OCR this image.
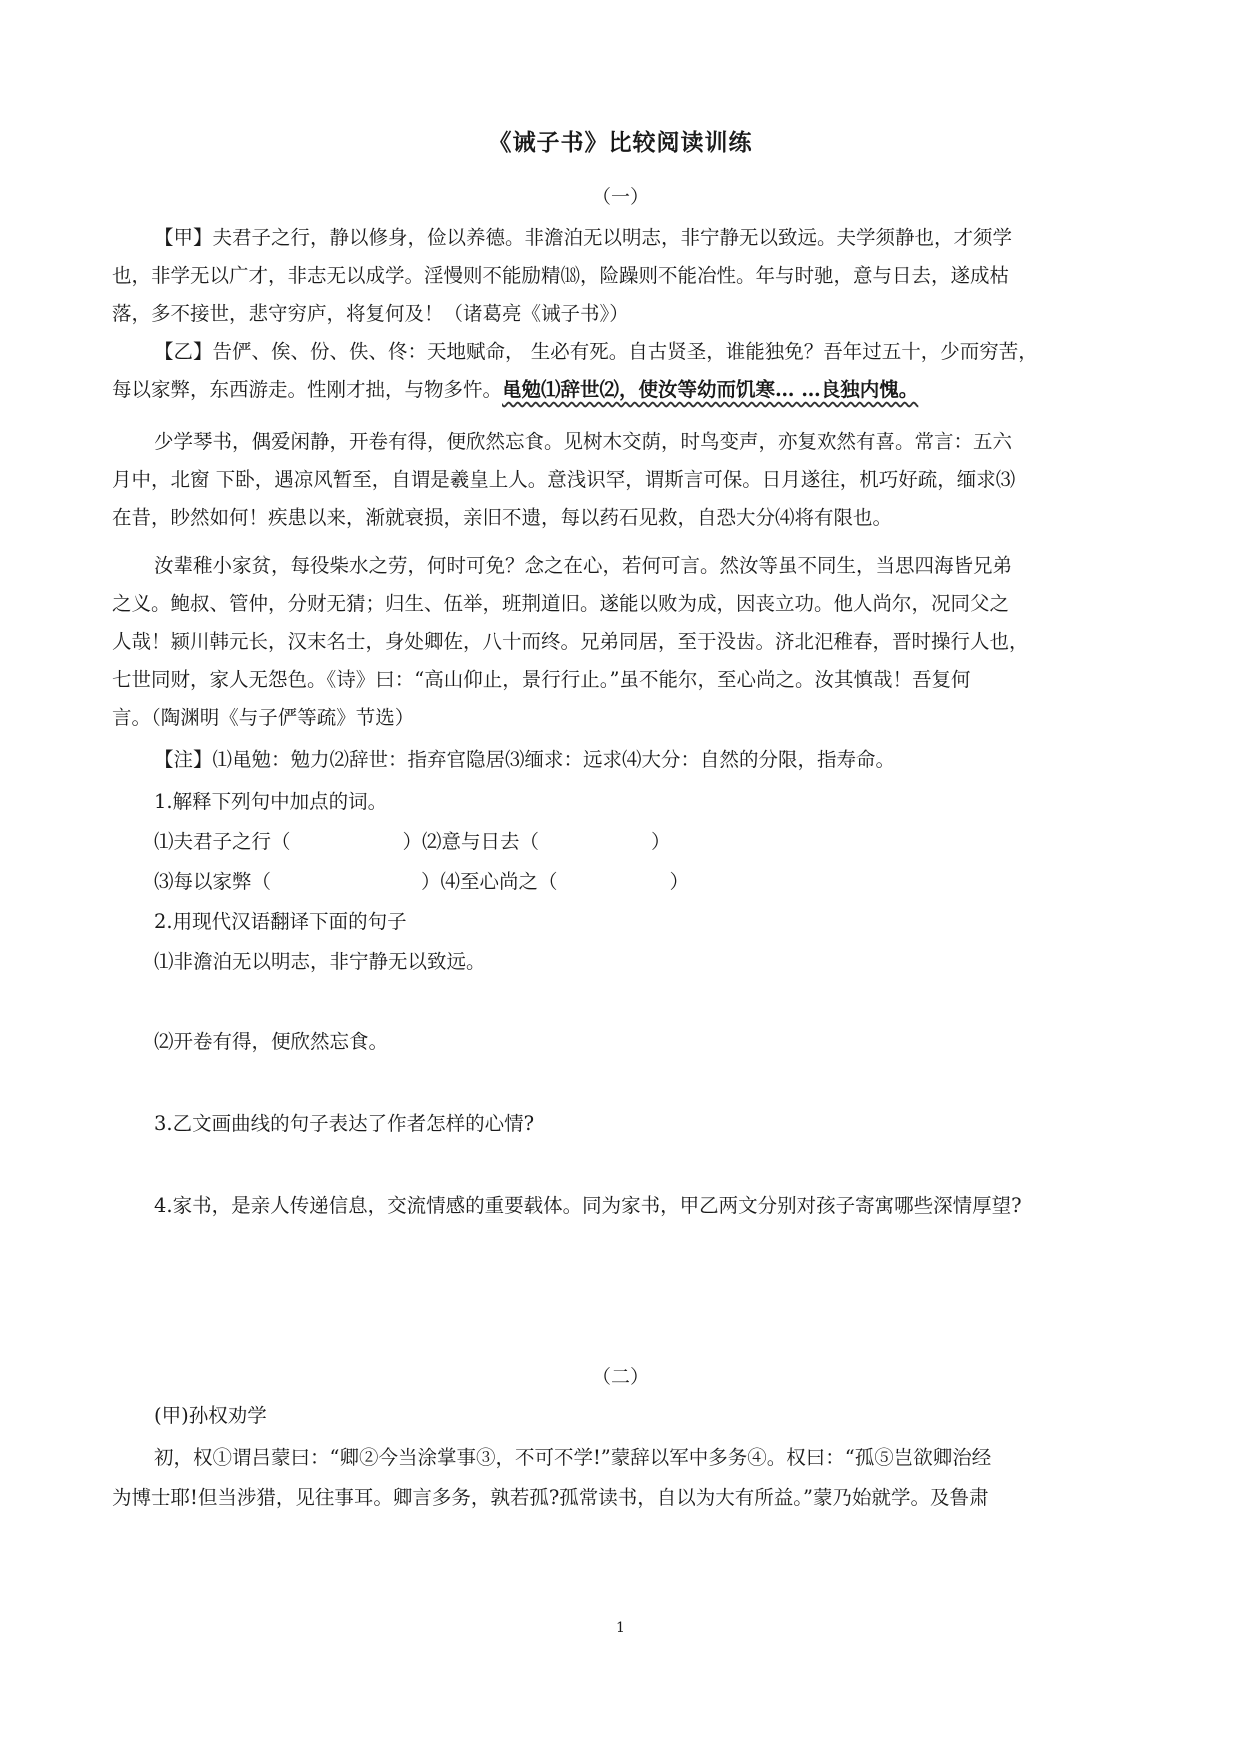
《诫子书》比较阅读训练
（一）
【甲】夫君子之行，静以修身，俭以养德。非澹泊无以明志，非宁静无以致远。夫学须静也，才须学
也，非学无以广才，非志无以成学。淫慢则不能励精⒅，险躁则不能冶性。年与时驰，意与日去，遂成枯
落，多不接世，悲守穷庐，将复何及！（诸葛亮《诫子书》）
【乙】告俨、俟、份、佚、佟：天地赋命， 生必有死。自古贤圣，谁能独免？吾年过五十，少而穷苦，
每以家弊，东西游走。性刚才拙，与物多忤。黾勉⑴辞世⑵，使汝等幼而饥寒… …良独内愧。
少学琴书，偶爱闲静，开卷有得，便欣然忘食。见树木交荫，时鸟变声，亦复欢然有喜。常言：五六
月中，北窗 下卧，遇凉风暂至，自谓是羲皇上人。意浅识罕，谓斯言可保。日月遂往，机巧好疏，缅求⑶
在昔，眇然如何！疾患以来，渐就衰损，亲旧不遗，每以药石见救，自恐大分⑷将有限也。
汝辈稚小家贫，每役柴水之劳，何时可免？念之在心，若何可言。然汝等虽不同生，当思四海皆兄弟
之义。鲍叔、管仲，分财无猜；归生、伍举，班荆道旧。遂能以败为成，因丧立功。他人尚尔，况同父之
人哉！颍川韩元长，汉末名士，身处卿佐，八十而终。兄弟同居，至于没齿。济北汜稚春，晋时操行人也，
七世同财，家人无怨色。《诗》曰：“高山仰止，景行行止。”虽不能尔，至心尚之。汝其慎哉！吾复何
言。（陶渊明《与子俨等疏》节选）
【注】⑴黾勉：勉力⑵辞世：指弃官隐居⑶缅求：远求⑷大分：自然的分限，指寿命。
1.解释下列句中加点的词。
⑴夫君子之行（	）⑵意与日去（	）
⑶每以家弊（	）⑷至心尚之（	）
2.用现代汉语翻译下面的句子
⑴非澹泊无以明志，非宁静无以致远。
⑵开卷有得，便欣然忘食。
3.乙文画曲线的句子表达了作者怎样的心情?
4.家书，是亲人传递信息，交流情感的重要载体。同为家书，甲乙两文分别对孩子寄寓哪些深情厚望?
（二）
(甲)孙权劝学
初，权①谓吕蒙曰：“卿②今当涂掌事③，不可不学!”蒙辞以军中多务④。权曰：“孤⑤岂欲卿治经
为博士耶!但当涉猎，见往事耳。卿言多务，孰若孤?孤常读书，自以为大有所益。”蒙乃始就学。及鲁肃
1
